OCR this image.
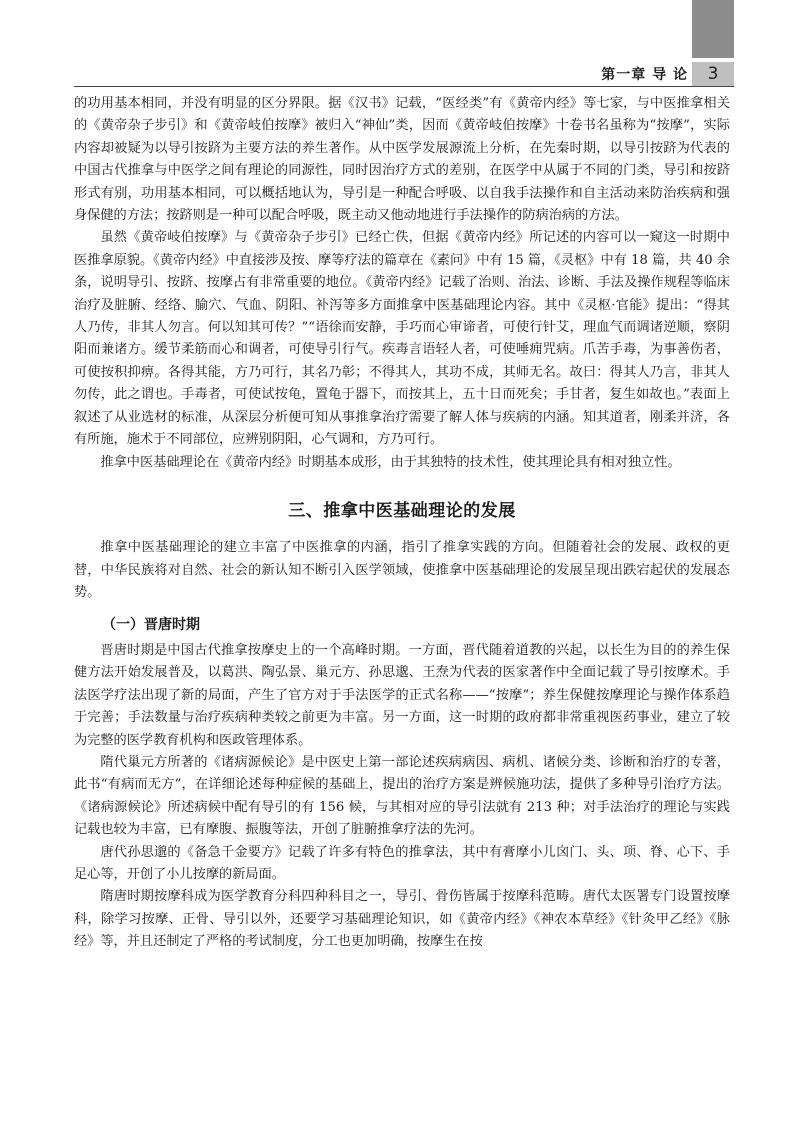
第一章 导 论	3

的功用基本相同，并没有明显的区分界限。据《汉书》记载，“医经类”有《黄帝内经》等七家，与中医推拿相关的《黄帝杂子步引》和《黄帝岐伯按摩》被归入“神仙”类，因而《黄帝岐伯按摩》十卷书名虽称为“按摩”，实际内容却被疑为以导引按跻为主要方法的养生著作。从中医学发展源流上分析，在先秦时期，以导引按跻为代表的中国古代推拿与中医学之间有理论的同源性，同时因治疗方式的差别，在医学中从属于不同的门类，导引和按跻形式有别，功用基本相同，可以概括地认为，导引是一种配合呼吸、以自我手法操作和自主活动来防治疾病和强身保健的方法；按跻则是一种可以配合呼吸，既主动又他动地进行手法操作的防病治病的方法。

虽然《黄帝岐伯按摩》与《黄帝杂子步引》已经亡佚，但据《黄帝内经》所记述的内容可以一窥这一时期中医推拿原貌。《黄帝内经》中直接涉及按、摩等疗法的篇章在《素问》中有 15 篇，《灵枢》中有 18 篇，共 40 余条，说明导引、按跻、按摩占有非常重要的地位。《黄帝内经》记载了治则、治法、诊断、手法及操作规程等临床治疗及脏腑、经络、腧穴、气血、阴阳、补泻等多方面推拿中医基础理论内容。其中《灵枢·官能》提出：“得其人乃传，非其人勿言。何以知其可传？”“语徐而安静，手巧而心审谛者，可使行针艾，理血气而调诸逆顺，察阴阳而兼诸方。缓节柔筋而心和调者，可使导引行气。疾毒言语轻人者，可使唾痈咒病。爪苦手毒，为事善伤者，可使按积抑痹。各得其能，方乃可行，其名乃彰；不得其人，其功不成，其师无名。故曰：得其人乃言，非其人勿传，此之谓也。手毒者，可使试按龟，置龟于器下，而按其上，五十日而死矣；手甘者，复生如故也。”表面上叙述了从业选材的标准，从深层分析便可知从事推拿治疗需要了解人体与疾病的内涵。知其道者，刚柔并济，各有所施，施术于不同部位，应辨别阴阳，心气调和，方乃可行。

推拿中医基础理论在《黄帝内经》时期基本成形，由于其独特的技术性，使其理论具有相对独立性。

三、推拿中医基础理论的发展

推拿中医基础理论的建立丰富了中医推拿的内涵，指引了推拿实践的方向。但随着社会的发展、政权的更替，中华民族将对自然、社会的新认知不断引入医学领域，使推拿中医基础理论的发展呈现出跌宕起伏的发展态势。

（一）晋唐时期

晋唐时期是中国古代推拿按摩史上的一个高峰时期。一方面，晋代随着道教的兴起，以长生为目的的养生保健方法开始发展普及，以葛洪、陶弘景、巢元方、孙思邈、王焘为代表的医家著作中全面记载了导引按摩术。手法医学疗法出现了新的局面，产生了官方对于手法医学的正式名称——“按摩”；养生保健按摩理论与操作体系趋于完善；手法数量与治疗疾病种类较之前更为丰富。另一方面，这一时期的政府都非常重视医药事业，建立了较为完整的医学教育机构和医政管理体系。

隋代巢元方所著的《诸病源候论》是中医史上第一部论述疾病病因、病机、诸候分类、诊断和治疗的专著，此书“有病而无方”，在详细论述每种症候的基础上，提出的治疗方案是辨候施功法，提供了多种导引治疗方法。《诸病源候论》所述病候中配有导引的有 156 候，与其相对应的导引法就有 213 种；对手法治疗的理论与实践记载也较为丰富，已有摩腹、振腹等法，开创了脏腑推拿疗法的先河。

唐代孙思邈的《备急千金要方》记载了许多有特色的推拿法，其中有膏摩小儿囟门、头、项、脊、心下、手足心等，开创了小儿按摩的新局面。

隋唐时期按摩科成为医学教育分科四种科目之一，导引、骨伤皆属于按摩科范畴。唐代太医署专门设置按摩科，除学习按摩、正骨、导引以外，还要学习基础理论知识，如《黄帝内经》《神农本草经》《针灸甲乙经》《脉经》等，并且还制定了严格的考试制度，分工也更加明确，按摩生在按
